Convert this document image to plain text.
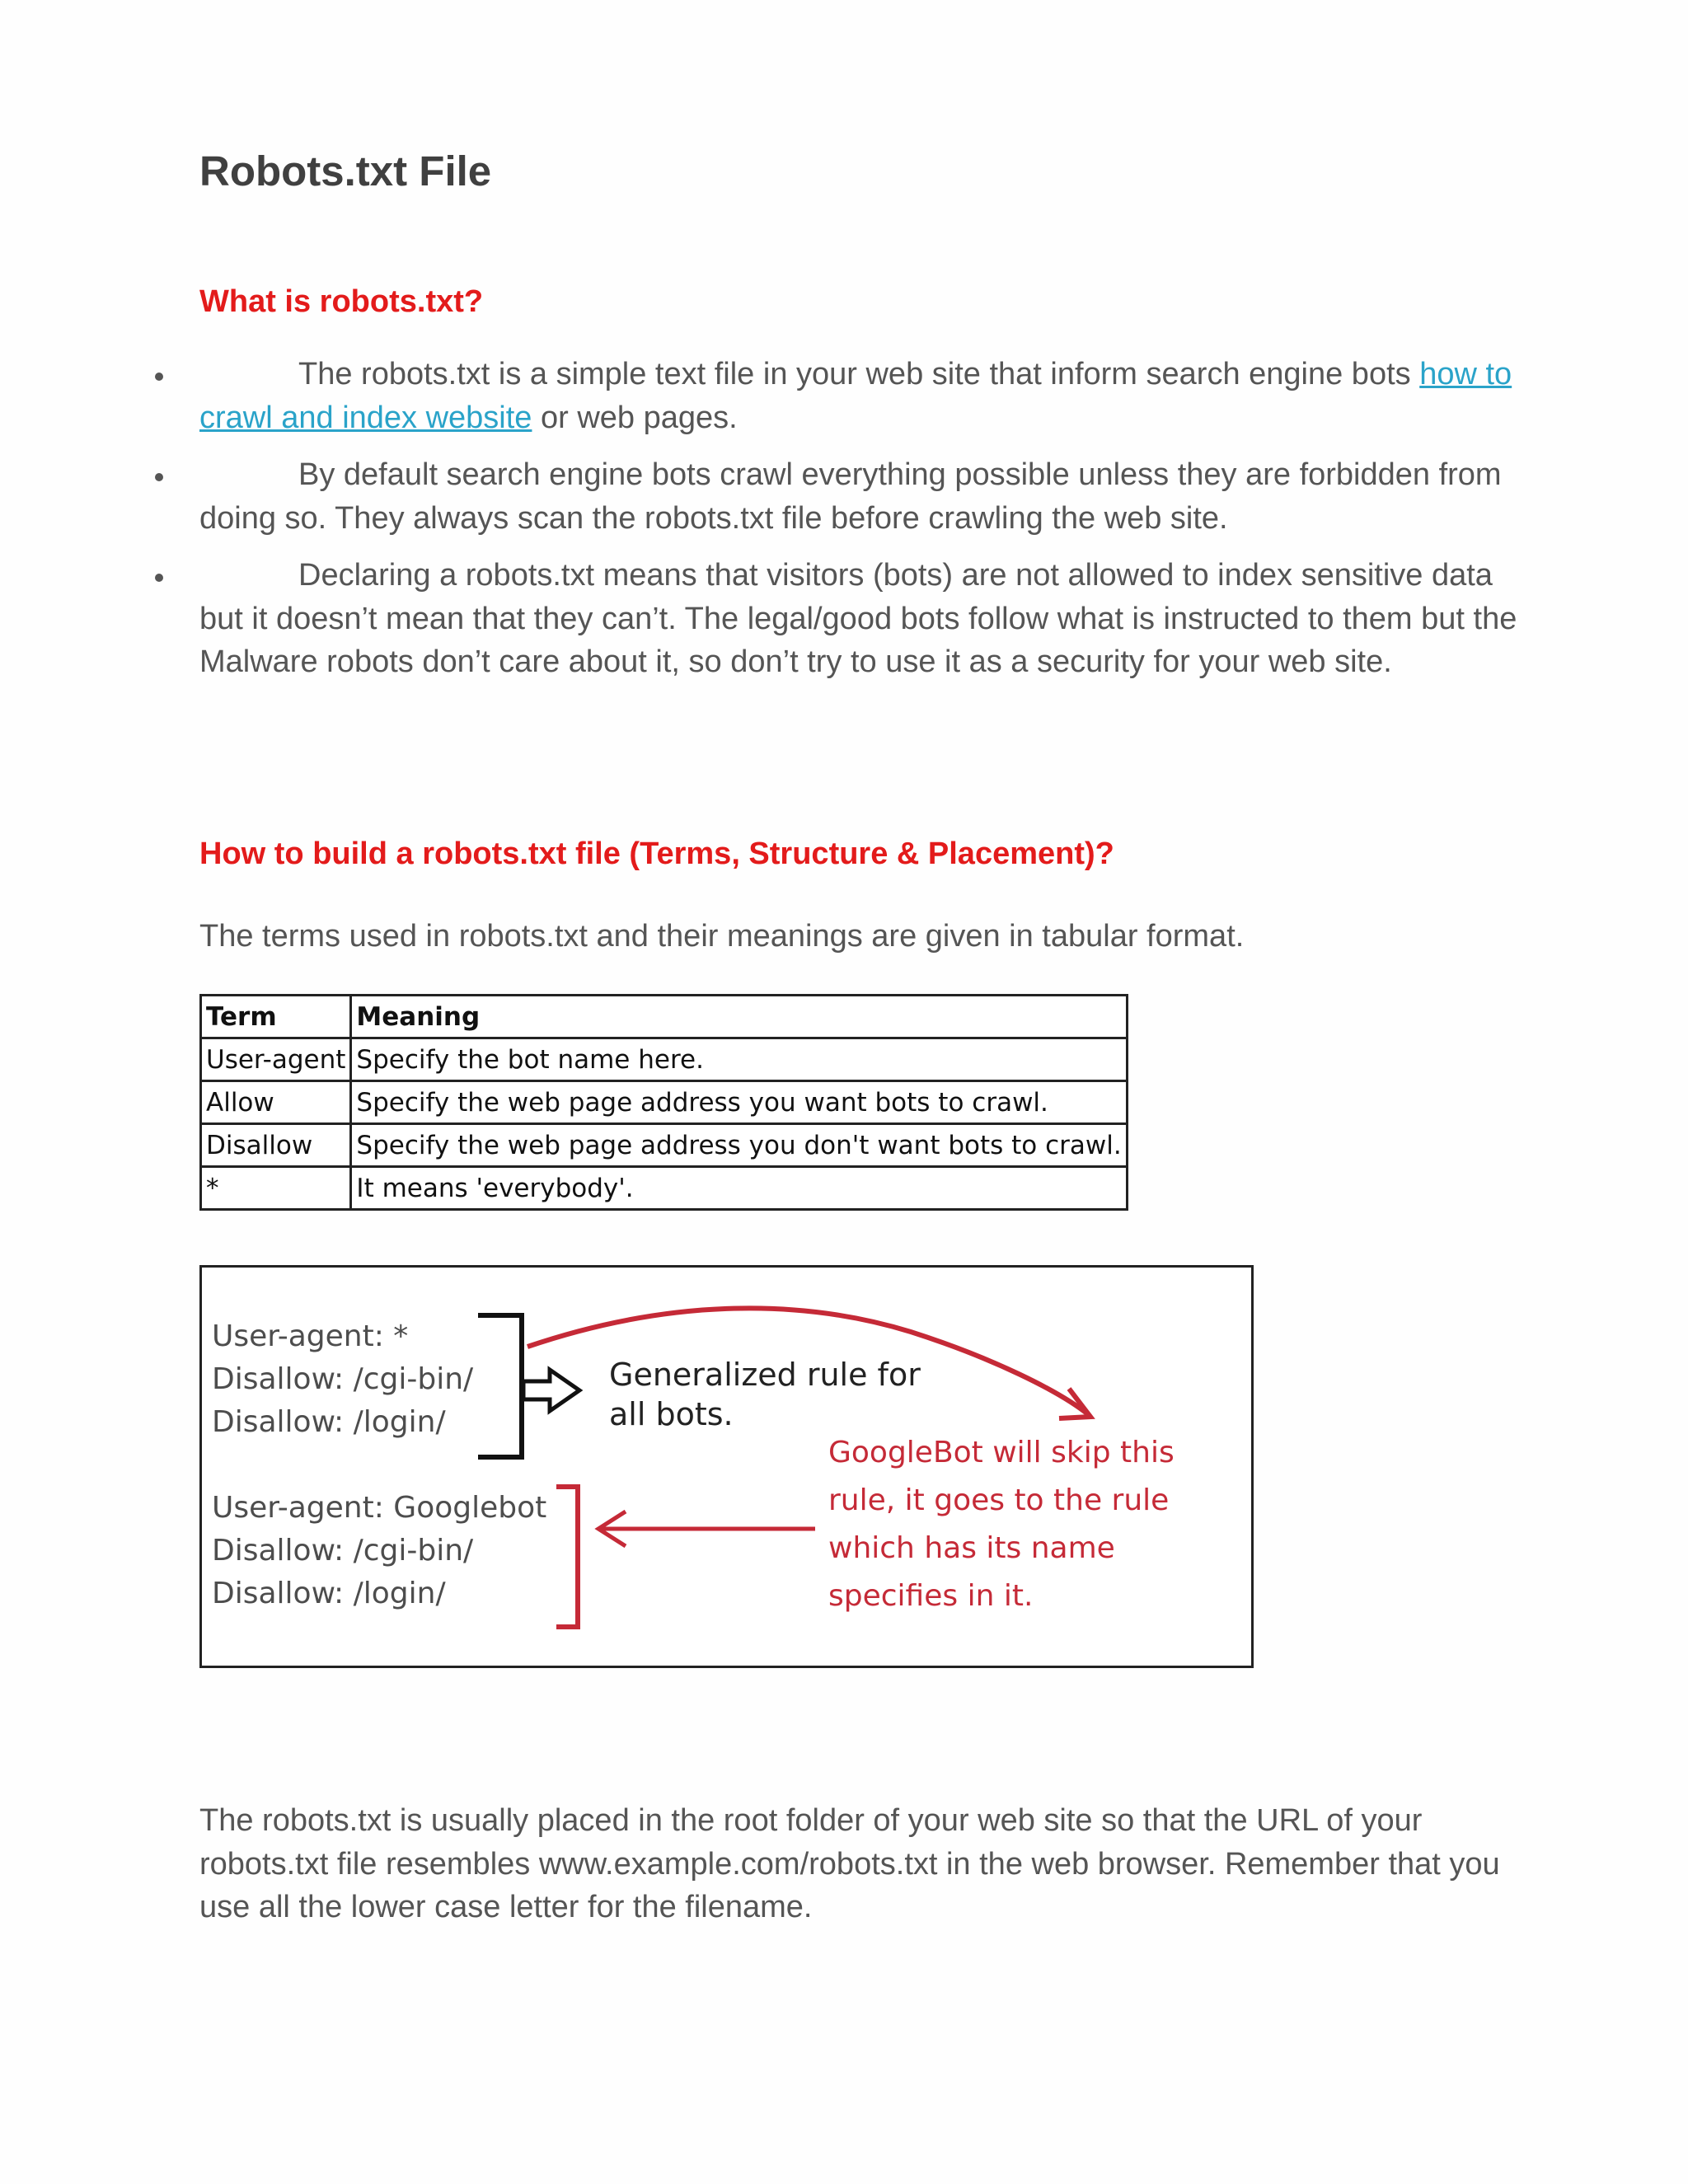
Robots.txt File
What is robots.txt?
The robots.txt is a simple text file in your web site that inform search engine bots how to crawl and index website or web pages.
By default search engine bots crawl everything possible unless they are forbidden from doing so. They always scan the robots.txt file before crawling the web site.
Declaring a robots.txt means that visitors (bots) are not allowed to index sensitive data but it doesn’t mean that they can’t. The legal/good bots follow what is instructed to them but the Malware robots don’t care about it, so don’t try to use it as a security for your web site.
How to build a robots.txt file (Terms, Structure & Placement)?

The terms used in robots.txt and their meanings are given in tabular format.

Term	Meaning
User-agent	Specify the bot name here.
Allow	Specify the web page address you want bots to crawl.
Disallow	Specify the web page address you don't want bots to crawl.
*	It means 'everybody'.
User-agent: *
Disallow: /cgi-bin/
Disallow: /login/
User-agent: Googlebot
Disallow: /cgi-bin/
Disallow: /login/
Generalized rule for
all bots.
GoogleBot will skip this
rule, it goes to the rule
which has its name
specifies in it.

The robots.txt is usually placed in the root folder of your web site so that the URL of your robots.txt file resembles www.example.com/robots.txt in the web browser. Remember that you use all the lower case letter for the filename.
